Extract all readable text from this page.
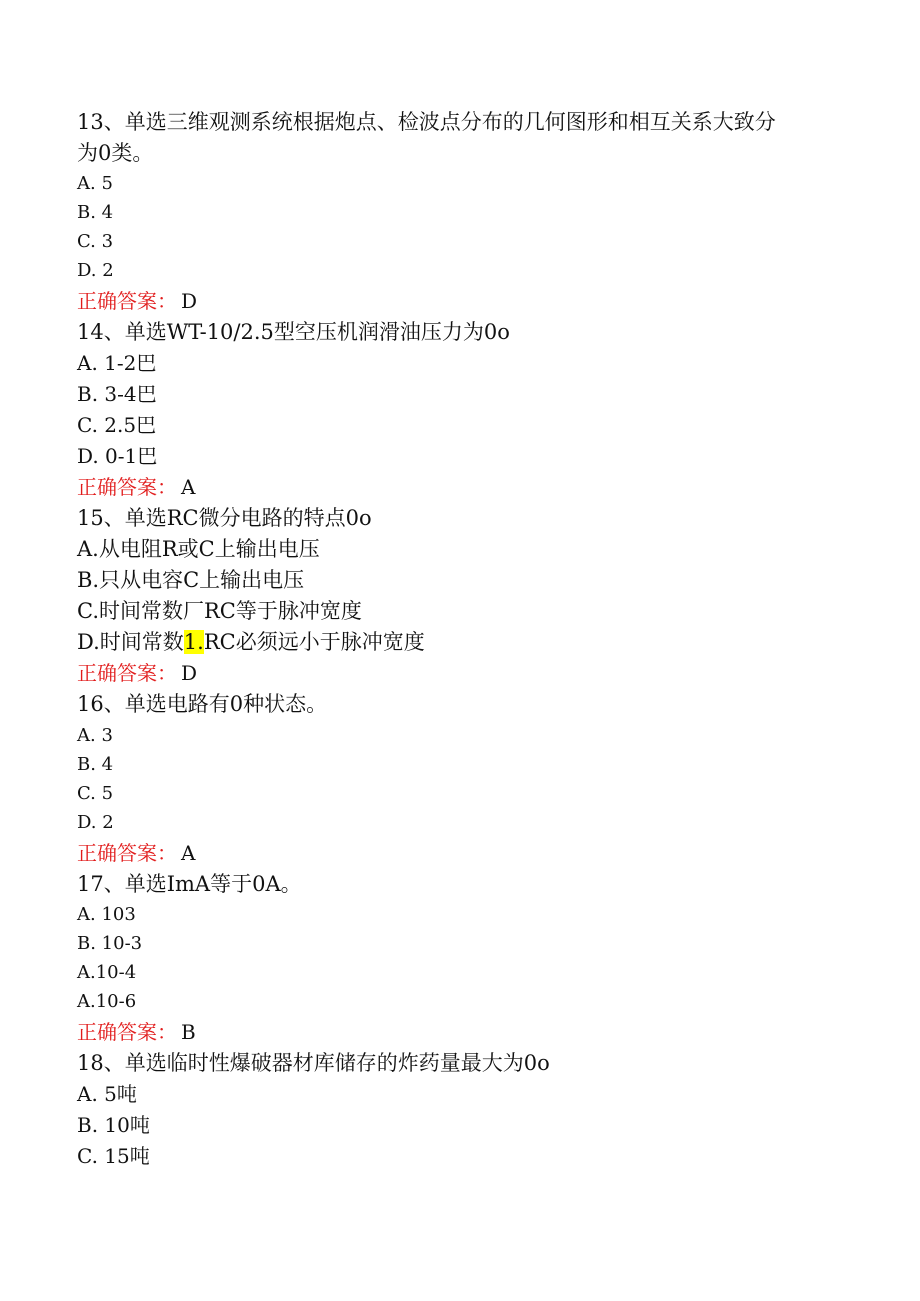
13、单选三维观测系统根据炮点、检波点分布的几何图形和相互关系大致分
为0类。
A. 5
B. 4
C. 3
D. 2
正确答案： D
14、单选WT-10/2.5型空压机润滑油压力为0o
A. 1-2巴
B. 3-4巴
C. 2.5巴
D. 0-1巴
正确答案： A
15、单选RC微分电路的特点0o
A.从电阻R或C上输出电压
B.只从电容C上输出电压
C.时间常数厂RC等于脉冲宽度
D.时间常数1.RC必须远小于脉冲宽度
正确答案： D
16、单选电路有0种状态。
A. 3
B. 4
C. 5
D. 2
正确答案： A
17、单选ImA等于0A。
A. 103
B. 10-3
A.10-4
A.10-6
正确答案： B
18、单选临时性爆破器材库储存的炸药量最大为0o
A. 5吨
B. 10吨
C. 15吨
